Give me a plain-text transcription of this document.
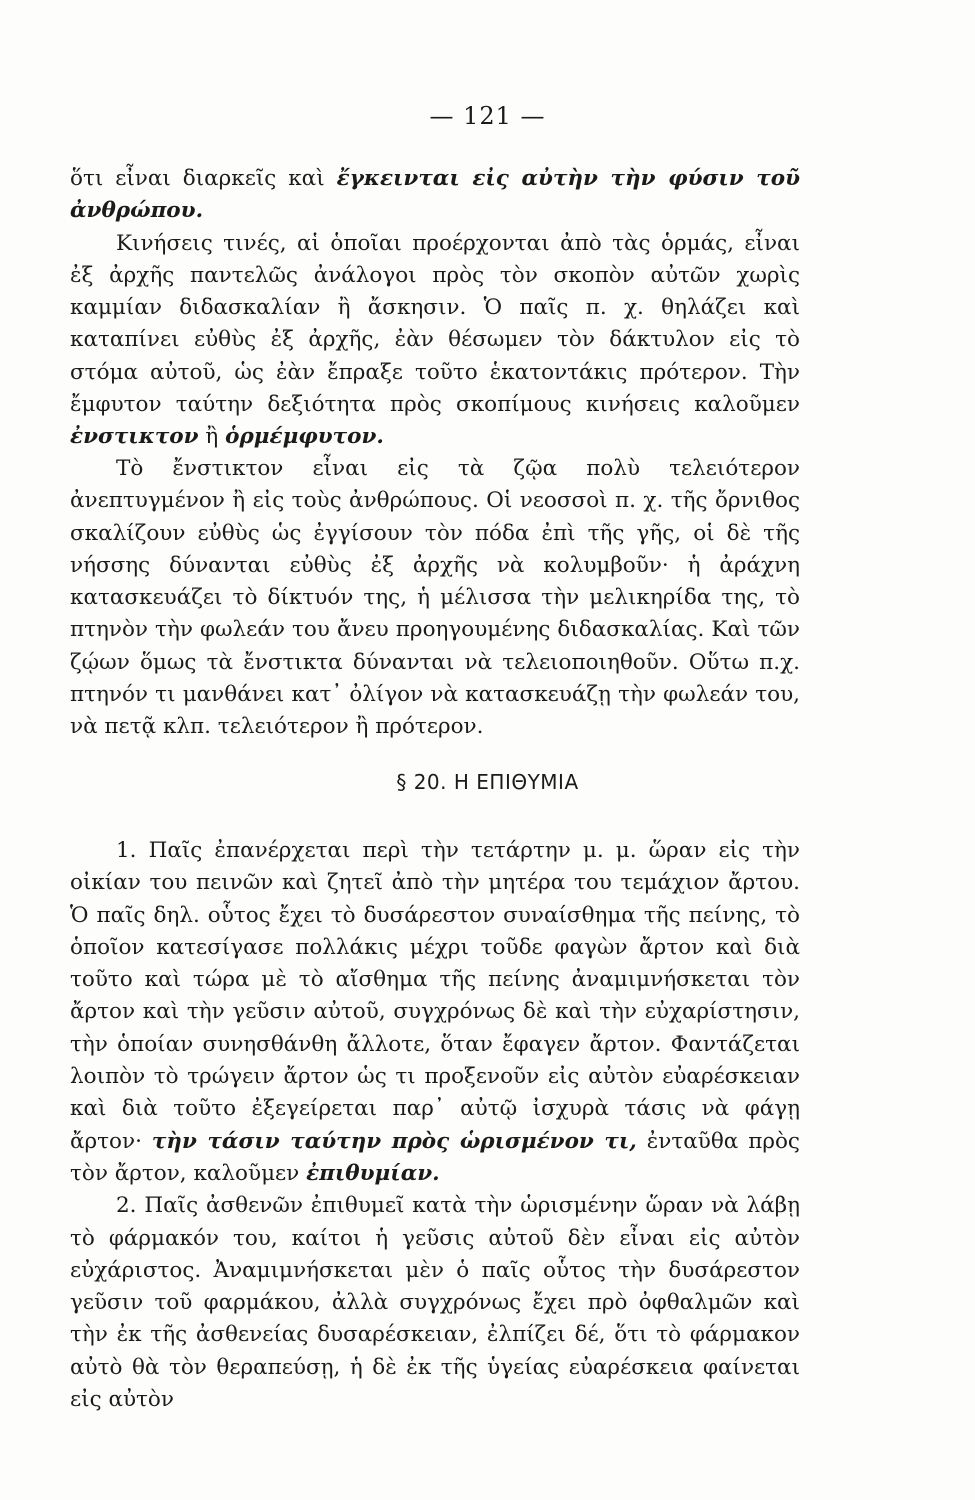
— 121 —

ὅτι εἶναι διαρκεῖς καὶ ἔγκεινται εἰς αὐτὴν τὴν φύσιν τοῦ ἀνθρώπου.

Κινήσεις τινές, αἱ ὁποῖαι προέρχονται ἀπὸ τὰς ὁρμάς, εἶναι ἐξ ἀρχῆς παντελῶς ἀνάλογοι πρὸς τὸν σκοπὸν αὐτῶν χωρὶς καμμίαν διδασκαλίαν ἢ ἄσκησιν. Ὁ παῖς π. χ. θηλάζει καὶ καταπίνει εὐθὺς ἐξ ἀρχῆς, ἐὰν θέσωμεν τὸν δάκτυλον εἰς τὸ στόμα αὐτοῦ, ὡς ἐὰν ἔπραξε τοῦτο ἑκατοντάκις πρότερον. Τὴν ἔμφυτον ταύτην δεξιότητα πρὸς σκοπίμους κινήσεις καλοῦμεν ἐνστικτον ἢ ὁρμέμφυτον.

Τὸ ἔνστικτον εἶναι εἰς τὰ ζῷα πολὺ τελειότερον ἀνεπτυγμένον ἢ εἰς τοὺς ἀνθρώπους. Οἱ νεοσσοὶ π. χ. τῆς ὄρνιθος σκαλίζουν εὐθὺς ὡς ἐγγίσουν τὸν πόδα ἐπὶ τῆς γῆς, οἱ δὲ τῆς νήσσης δύνανται εὐθὺς ἐξ ἀρχῆς νὰ κολυμβοῦν· ἡ ἀράχνη κατασκευάζει τὸ δίκτυόν της, ἡ μέλισσα τὴν μελικηρίδα της, τὸ πτηνὸν τὴν φωλεάν του ἄνευ προηγουμένης διδασκαλίας. Καὶ τῶν ζῴων ὅμως τὰ ἔνστικτα δύνανται νὰ τελειοποιηθοῦν. Οὕτω π.χ. πτηνόν τι μανθάνει κατ᾽ ὀλίγον νὰ κατασκευάζῃ τὴν φωλεάν του, νὰ πετᾷ κλπ. τελειότερον ἢ πρότερον.

§ 20. Η ΕΠΙΘΥΜΙΑ

1. Παῖς ἐπανέρχεται περὶ τὴν τετάρτην μ. μ. ὥραν εἰς τὴν οἰκίαν του πεινῶν καὶ ζητεῖ ἀπὸ τὴν μητέρα του τεμάχιον ἄρτου. Ὁ παῖς δηλ. οὗτος ἔχει τὸ δυσάρεστον συναίσθημα τῆς πείνης, τὸ ὁποῖον κατεσίγασε πολλάκις μέχρι τοῦδε φαγὼν ἄρτον καὶ διὰ τοῦτο καὶ τώρα μὲ τὸ αἴσθημα τῆς πείνης ἀναμιμνήσκεται τὸν ἄρτον καὶ τὴν γεῦσιν αὐτοῦ, συγχρόνως δὲ καὶ τὴν εὐχαρίστησιν, τὴν ὁποίαν συνησθάνθη ἄλλοτε, ὅταν ἔφαγεν ἄρτον. Φαντάζεται λοιπὸν τὸ τρώγειν ἄρτον ὡς τι προξενοῦν εἰς αὐτὸν εὐαρέσκειαν καὶ διὰ τοῦτο ἐξεγείρεται παρ᾽ αὐτῷ ἰσχυρὰ τάσις νὰ φάγῃ ἄρτον· τὴν τάσιν ταύτην πρὸς ὡρισμένον τι, ἐνταῦθα πρὸς τὸν ἄρτον, καλοῦμεν ἐπιθυμίαν.

2. Παῖς ἀσθενῶν ἐπιθυμεῖ κατὰ τὴν ὡρισμένην ὥραν νὰ λάβῃ τὸ φάρμακόν του, καίτοι ἡ γεῦσις αὐτοῦ δὲν εἶναι εἰς αὐτὸν εὐχάριστος. Ἀναμιμνήσκεται μὲν ὁ παῖς οὗτος τὴν δυσάρεστον γεῦσιν τοῦ φαρμάκου, ἀλλὰ συγχρόνως ἔχει πρὸ ὀφθαλμῶν καὶ τὴν ἐκ τῆς ἀσθενείας δυσαρέσκειαν, ἐλπίζει δέ, ὅτι τὸ φάρμακον αὐτὸ θὰ τὸν θεραπεύσῃ, ἡ δὲ ἐκ τῆς ὑγείας εὐαρέσκεια φαίνεται εἰς αὐτὸν
